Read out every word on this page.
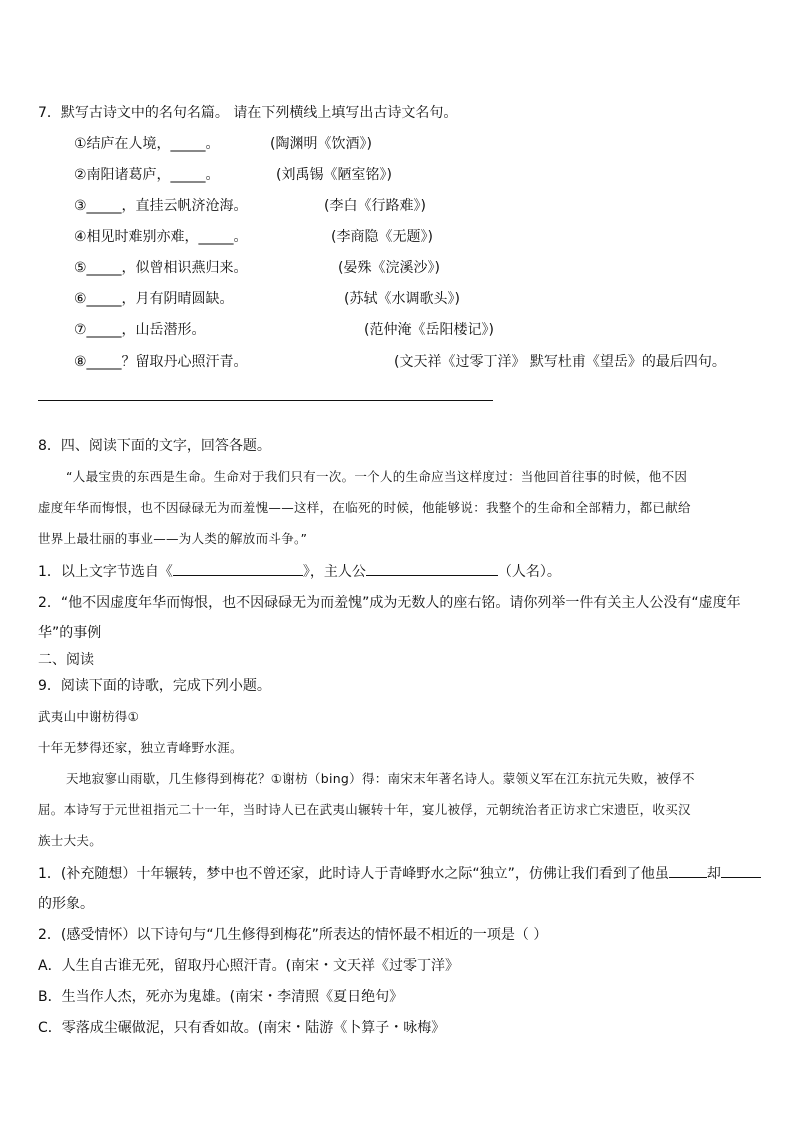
7．默写古诗文中的名句名篇。 请在下列横线上填写出古诗文名句。
①结庐在人境，_____。	(陶渊明《饮酒》)
②南阳诸葛庐，_____。	(刘禹锡《陋室铭》)
③_____，直挂云帆济沧海。	(李白《行路难》)
④相见时难别亦难，_____。	(李商隐《无题》)
⑤_____，似曾相识燕归来。	(晏殊《浣溪沙》)
⑥_____，月有阴晴圆缺。	(苏轼《水调歌头》)
⑦_____，山岳潜形。	(范仲淹《岳阳楼记》)
⑧_____？留取丹心照汗青。	(文天祥《过零丁洋》 默写杜甫《望岳》的最后四句。
8．四、阅读下面的文字，回答各题。
“人最宝贵的东西是生命。生命对于我们只有一次。一个人的生命应当这样度过：当他回首往事的时候，他不因
虚度年华而悔恨，也不因碌碌无为而羞愧——这样，在临死的时候，他能够说：我整个的生命和全部精力，都已献给
世界上最壮丽的事业——为人类的解放而斗争。”
1．以上文字节选自《	》，主人公	（人名）。
2．“他不因虚度年华而悔恨，也不因碌碌无为而羞愧”成为无数人的座右铭。请你列举一件有关主人公没有“虚度年
华”的事例
二、阅读
9．阅读下面的诗歌，完成下列小题。
武夷山中谢枋得①
十年无梦得还家，独立青峰野水涯。
天地寂寥山雨歇，几生修得到梅花？①谢枋（bing）得：南宋末年著名诗人。蒙领义军在江东抗元失败，被俘不
屈。本诗写于元世祖指元二十一年，当时诗人已在武夷山辗转十年，宴儿被俘，元朝统治者正访求亡宋遗臣，收买汉
族士大夫。
1．(补充随想）十年辗转，梦中也不曾还家，此时诗人于青峰野水之际“独立”，仿佛让我们看到了他虽	却
的形象。
2．(感受情怀）以下诗句与“几生修得到梅花”所表达的情怀最不相近的一项是（ ）
A．人生自古谁无死，留取丹心照汗青。(南宋・文天祥《过零丁洋》
B．生当作人杰，死亦为鬼雄。(南宋・李清照《夏日绝句》
C．零落成尘碾做泥，只有香如故。(南宋・陆游《卜算子・咏梅》
